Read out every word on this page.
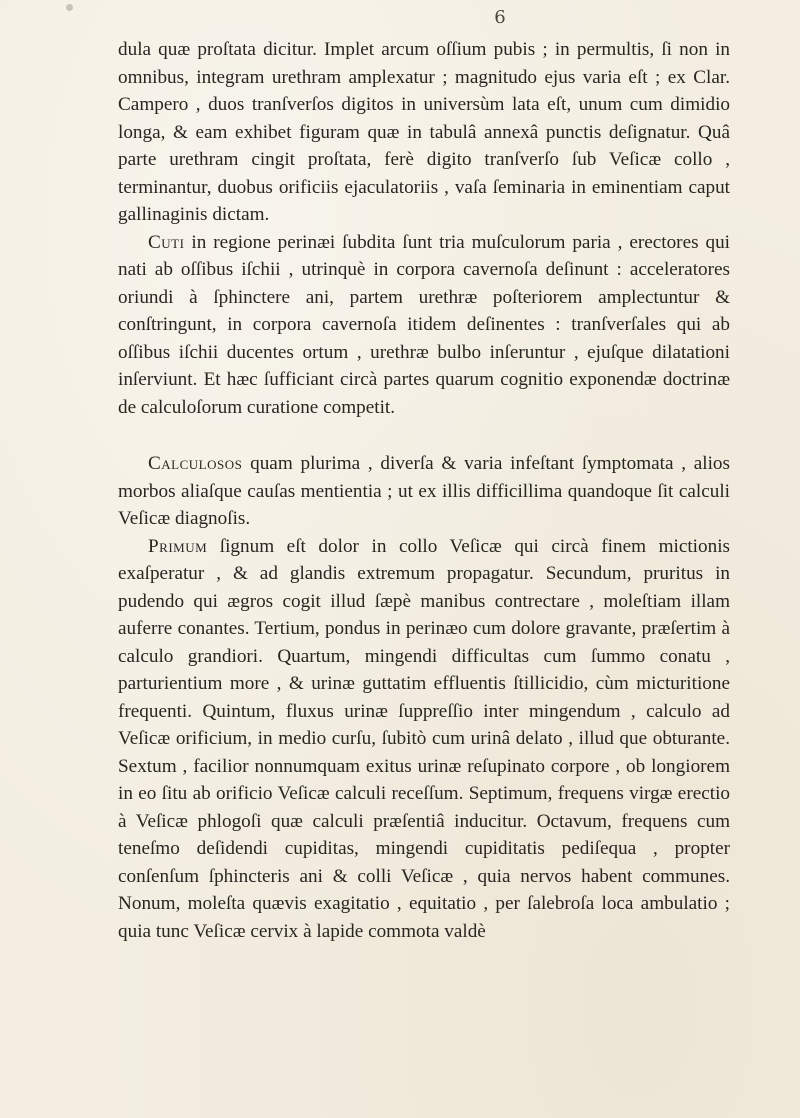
6

dula quæ proſtata dicitur. Implet arcum oſſium pubis ; in permultis, ſi non in omnibus, integram urethram amplexatur ; magnitudo ejus varia eſt ; ex Clar. Campero , duos tranſverſos digitos in universùm lata eſt, unum cum dimidio longa, & eam exhibet figuram quæ in tabulâ annexâ punctis deſignatur. Quâ parte urethram cingit proſtata, ferè digito tranſverſo ſub Veſicæ collo , terminantur, duobus orificiis ejaculatoriis , vaſa ſeminaria in eminentiam caput gallinaginis dictam.

Cuti in regione perinæi ſubdita ſunt tria muſculorum paria , erectores qui nati ab oſſibus iſchii , utrinquè in corpora cavernoſa deſinunt : acceleratores oriundi à ſphinctere ani, partem urethræ poſteriorem amplectuntur & conſtringunt, in corpora cavernoſa itidem deſinentes : tranſverſales qui ab oſſibus iſchii ducentes ortum , urethræ bulbo inſeruntur , ejuſque dilatationi inſerviunt. Et hæc ſufficiant circà partes quarum cognitio exponendæ doctrinæ de calculoſorum curatione competit.

Calculosos quam plurima , diverſa & varia infeſtant ſymptomata , alios morbos aliaſque cauſas mentientia ; ut ex illis difficillima quandoque ſit calculi Veſicæ diagnoſis.

Primum ſignum eſt dolor in collo Veſicæ qui circà finem mictionis exaſperatur , & ad glandis extremum propagatur. Secundum, pruritus in pudendo qui ægros cogit illud ſæpè manibus contrectare , moleſtiam illam auferre conantes. Tertium, pondus in perinæo cum dolore gravante, præſertim à calculo grandiori. Quartum, mingendi difficultas cum ſummo conatu , parturientium more , & urinæ guttatim effluentis ſtillicidio, cùm micturitione frequenti. Quintum, fluxus urinæ ſuppreſſio inter mingendum , calculo ad Veſicæ orificium, in medio curſu, ſubitò cum urinâ delato , illud que obturante. Sextum , facilior nonnumquam exitus urinæ reſupinato corpore , ob longiorem in eo ſitu ab orificio Veſicæ calculi receſſum. Septimum, frequens virgæ erectio à Veſicæ phlogoſi quæ calculi præſentiâ inducitur. Octavum, frequens cum teneſmo deſidendi cupiditas, mingendi cupiditatis pediſequa , propter conſenſum ſphincteris ani & colli Veſicæ , quia nervos habent communes. Nonum, moleſta quævis exagitatio , equitatio , per ſalebroſa loca ambulatio ; quia tunc Veſicæ cervix à lapide commota valdè
